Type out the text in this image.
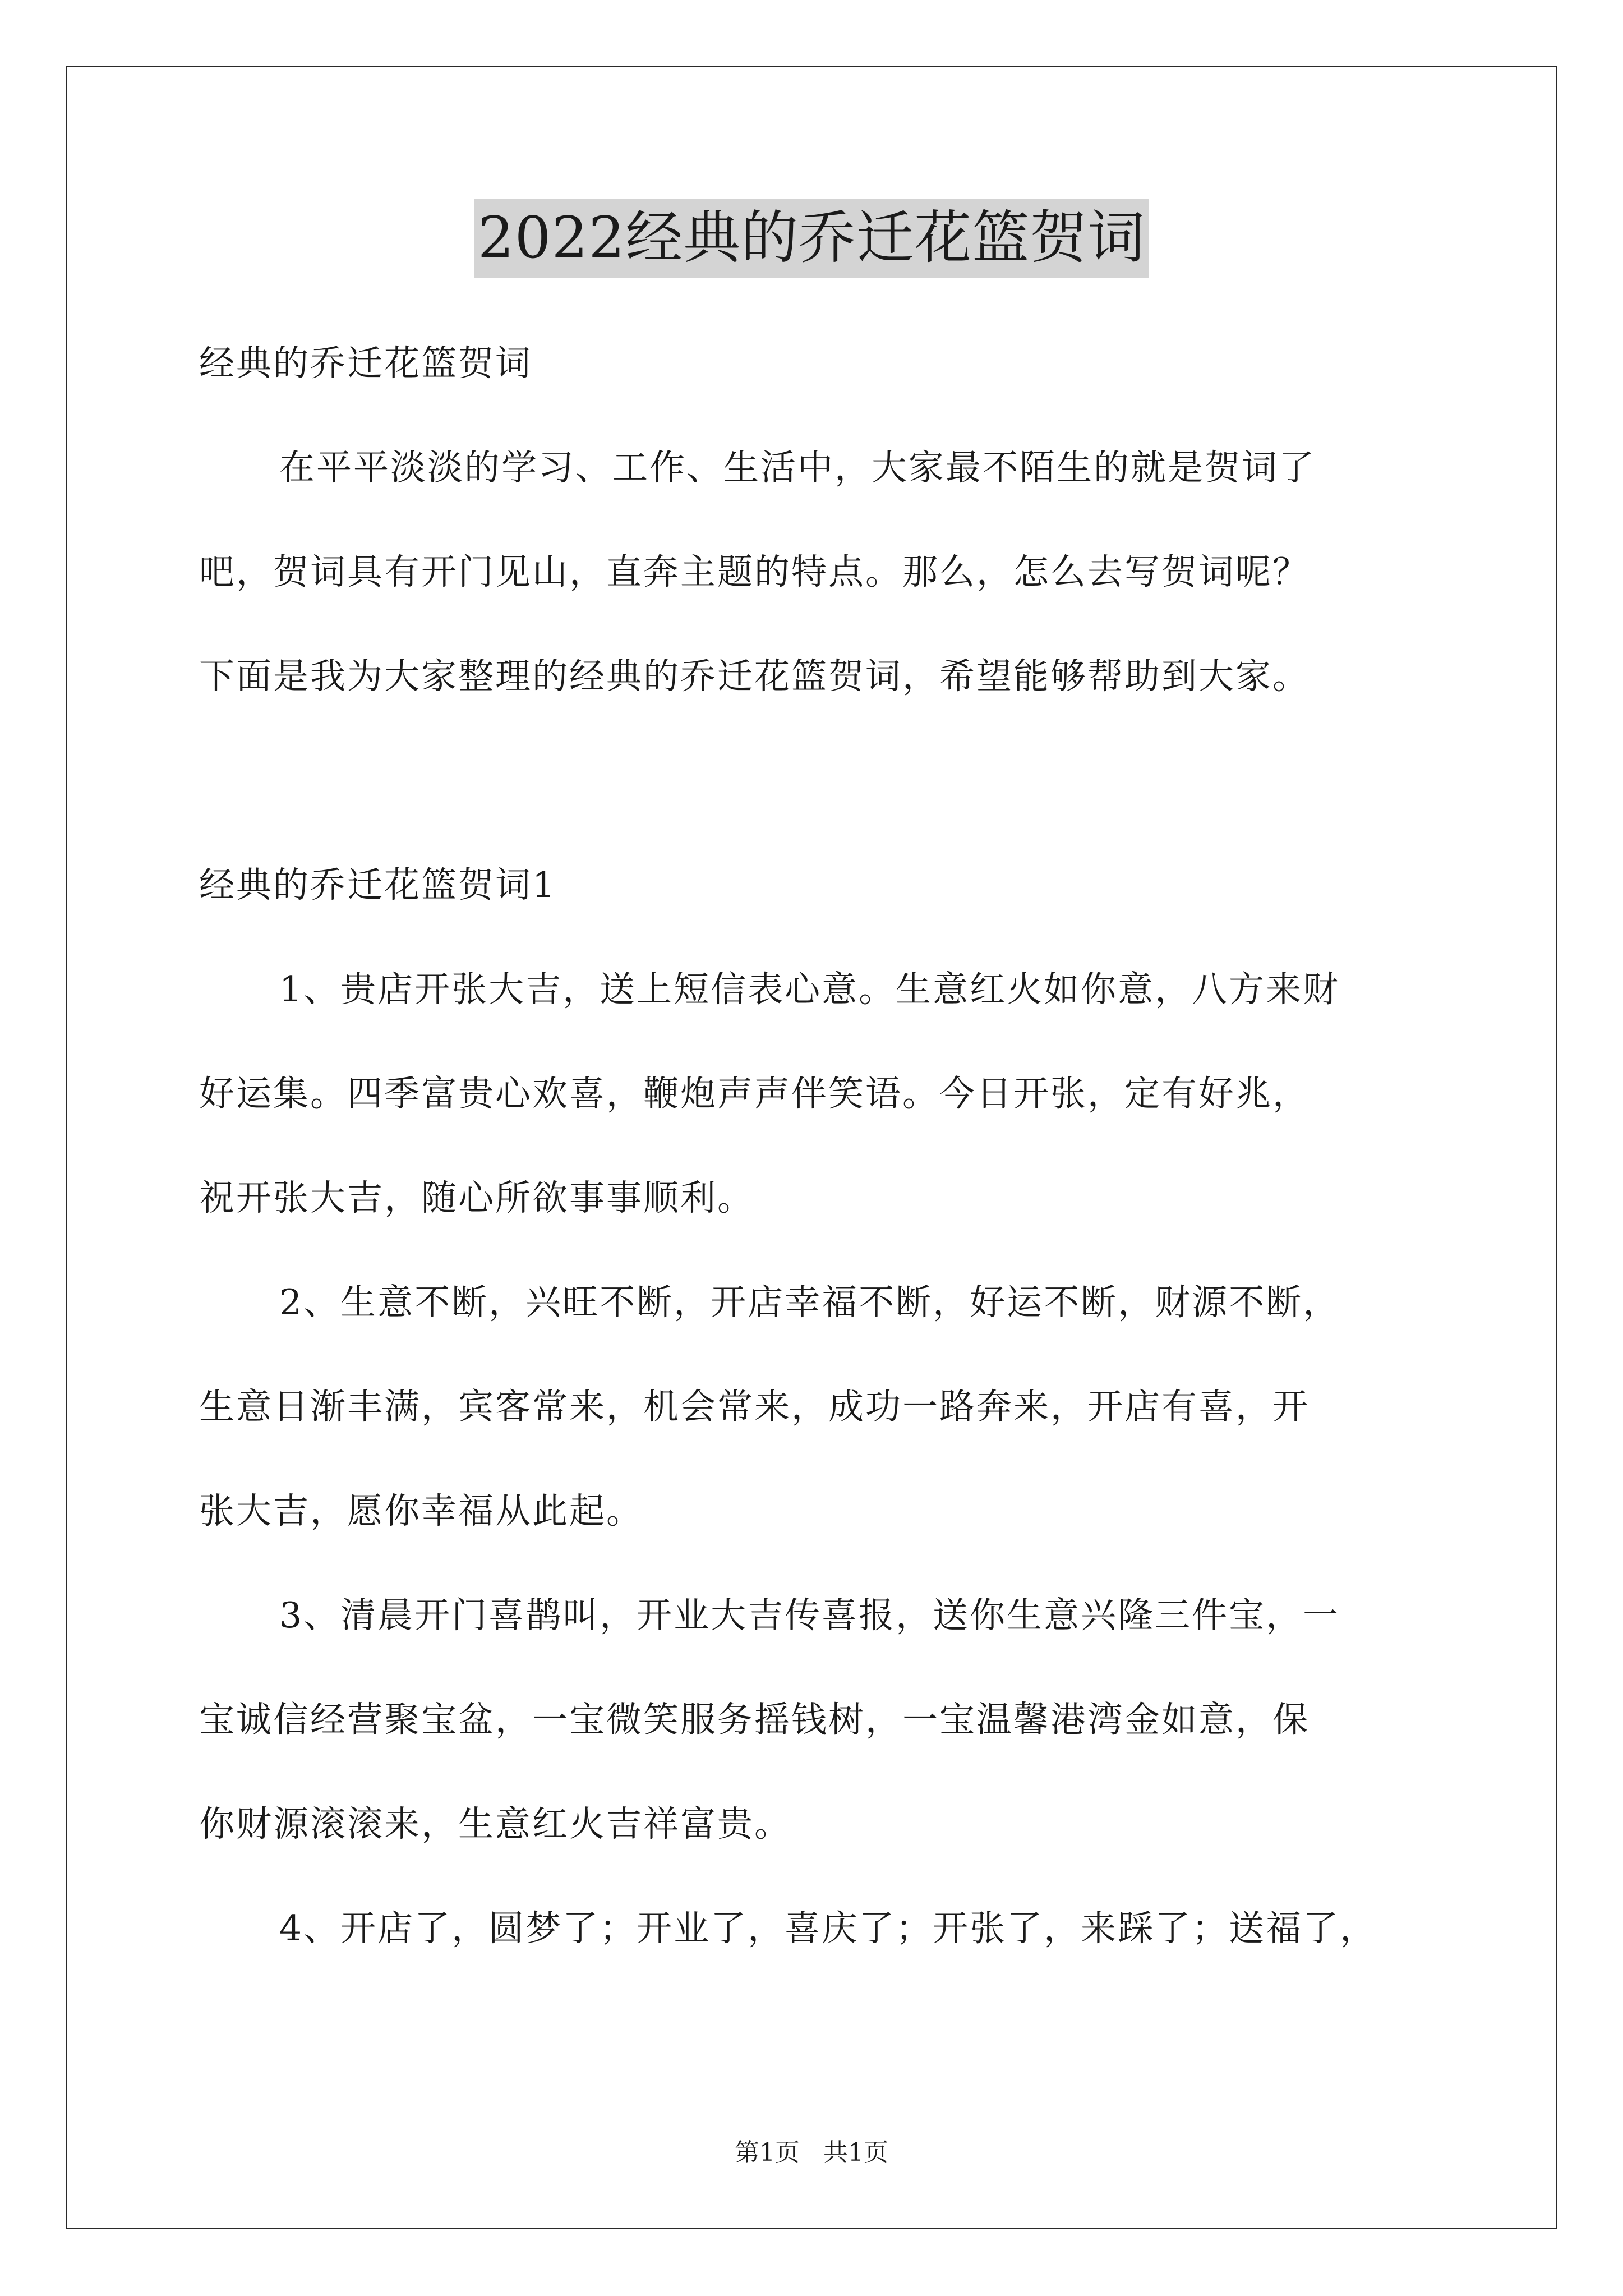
2022经典的乔迁花篮贺词

经典的乔迁花篮贺词

在平平淡淡的学习、工作、生活中，大家最不陌生的就是贺词了

吧，贺词具有开门见山，直奔主题的特点。那么，怎么去写贺词呢？

下面是我为大家整理的经典的乔迁花篮贺词，希望能够帮助到大家。

经典的乔迁花篮贺词1

1、贵店开张大吉，送上短信表心意。生意红火如你意，八方来财

好运集。四季富贵心欢喜，鞭炮声声伴笑语。今日开张，定有好兆，

祝开张大吉，随心所欲事事顺利。

2、生意不断，兴旺不断，开店幸福不断，好运不断，财源不断，

生意日渐丰满，宾客常来，机会常来，成功一路奔来，开店有喜，开

张大吉，愿你幸福从此起。

3、清晨开门喜鹊叫，开业大吉传喜报，送你生意兴隆三件宝，一

宝诚信经营聚宝盆，一宝微笑服务摇钱树，一宝温馨港湾金如意，保

你财源滚滚来，生意红火吉祥富贵。

4、开店了，圆梦了；开业了，喜庆了；开张了，来踩了；送福了，

第1页   共1页
